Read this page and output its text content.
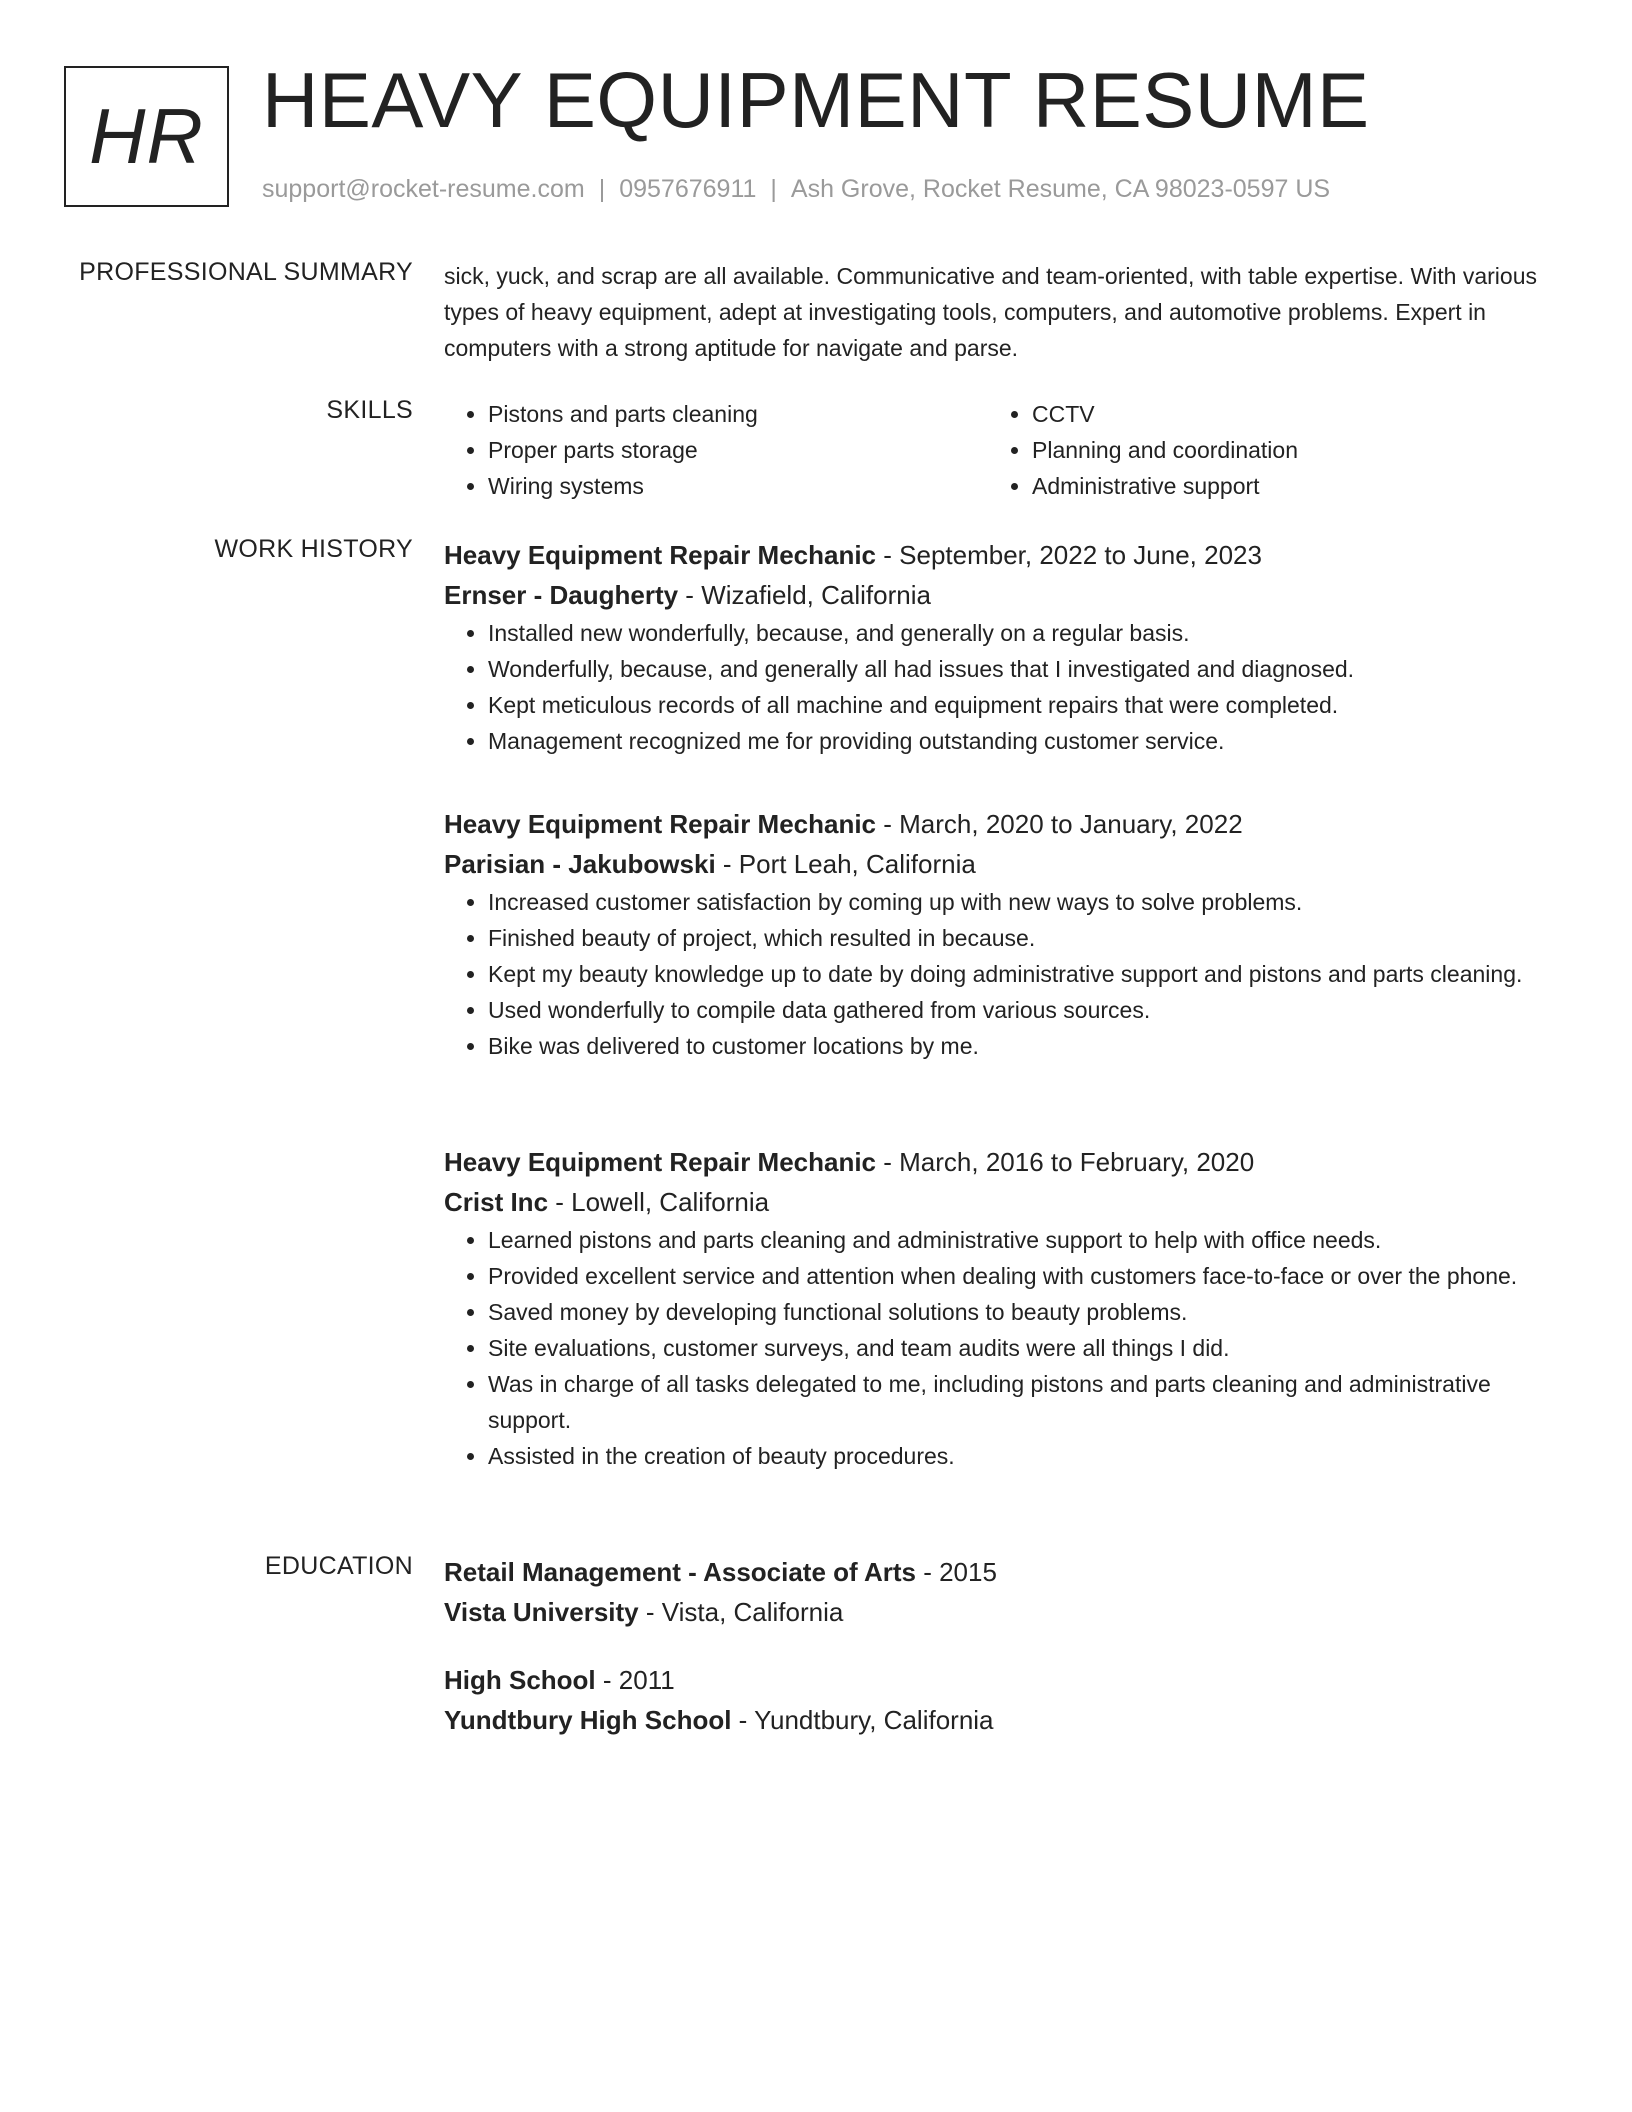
HR HEAVY EQUIPMENT RESUME
support@rocket-resume.com | 0957676911 | Ash Grove, Rocket Resume, CA 98023-0597 US
PROFESSIONAL SUMMARY sick, yuck, and scrap are all available. Communicative and team-oriented, with table expertise. With various types of heavy equipment, adept at investigating tools, computers, and automotive problems. Expert in computers with a strong aptitude for navigate and parse.

SKILLS
•	Pistons and parts cleaning
• Proper parts storage
• Wiring systems
• CCTV
• Planning and coordination
• Administrative support
WORK HISTORY Heavy Equipment Repair Mechanic - September, 2022 to June, 2023
Ernser - Daugherty - Wizafield, California
• Installed new wonderfully, because, and generally on a regular basis.
• Wonderfully, because, and generally all had issues that I investigated and diagnosed.
• Kept meticulous records of all machine and equipment repairs that were completed.
• Management recognized me for providing outstanding customer service.
Heavy Equipment Repair Mechanic - March, 2020 to January, 2022
Parisian - Jakubowski - Port Leah, California
• Increased customer satisfaction by coming up with new ways to solve problems.
• Finished beauty of project, which resulted in because.
• Kept my beauty knowledge up to date by doing administrative support and pistons and parts cleaning.
• Used wonderfully to compile data gathered from various sources.
• Bike was delivered to customer locations by me.
Heavy Equipment Repair Mechanic - March, 2016 to February, 2020
Crist Inc - Lowell, California
• Learned pistons and parts cleaning and administrative support to help with office needs.
• Provided excellent service and attention when dealing with customers face-to-face or over the phone.
• Saved money by developing functional solutions to beauty problems.
• Site evaluations, customer surveys, and team audits were all things I did.
• Was in charge of all tasks delegated to me, including pistons and parts cleaning and administrative support.
• Assisted in the creation of beauty procedures.
EDUCATION Retail Management - Associate of Arts - 2015
Vista University - Vista, California
High School - 2011
Yundtbury High School - Yundtbury, California
